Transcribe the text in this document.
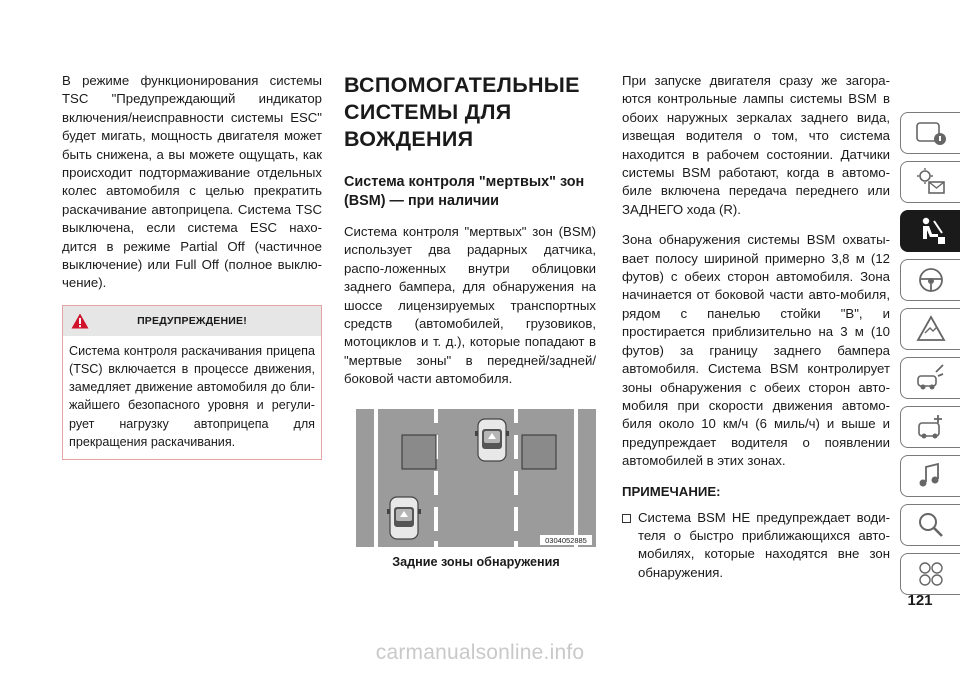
В режиме функционирования системы TSC "Предупреждающий индикатор включения/неисправности системы ESC" будет мигать, мощность двигателя может быть снижена, а вы можете ощущать, как происходит подтормаживание отдельных колес автомобиля с целью прекратить раскачивание автоприцепа. Система TSC выключена, если система ESC нахо-дится в режиме Partial Off (частичное выключение) или Full Off (полное выклю-чение).

ПРЕДУПРЕЖДЕНИЕ!
Система контроля раскачивания прицепа (TSC) включается в процессе движения, замедляет движение автомобиля до бли-жайшего безопасного уровня и регули-рует нагрузку автоприцепа для прекращения раскачивания.
ВСПОМОГАТЕЛЬНЫЕ СИСТЕМЫ ДЛЯ ВОЖДЕНИЯ
Система контроля "мертвых" зон (BSM) — при наличии

Система контроля "мертвых" зон (BSM) использует два радарных датчика, распо-ложенных внутри облицовки заднего бампера, для обнаружения на шоссе лицензируемых транспортных средств (автомобилей, грузовиков, мотоциклов и т. д.), которые попадают в "мертвые зоны" в передней/задней/боковой части автомобиля.

0304052885
Задние зоны обнаружения

При запуске двигателя сразу же загора-ются контрольные лампы системы BSM в обоих наружных зеркалах заднего вида, извещая водителя о том, что система находится в рабочем состоянии. Датчики системы BSM работают, когда в автомо-биле включена передача переднего или ЗАДНЕГО хода (R).

Зона обнаружения системы BSM охваты-вает полосу шириной примерно 3,8 м (12 футов) с обеих сторон автомобиля. Зона начинается от боковой части авто-мобиля, рядом с панелью стойки "B", и простирается приблизительно на 3 м (10 футов) за границу заднего бампера автомобиля. Система BSM контролирует зоны обнаружения с обеих сторон авто-мобиля при скорости движения автомо-биля около 10 км/ч (6 миль/ч) и выше и предупреждает водителя о появлении автомобилей в этих зонах.

ПРИМЕЧАНИЕ:

Система BSM НЕ предупреждает води-теля о быстро приближающихся авто-мобилях, которые находятся вне зон обнаружения.

121
carmanualsonline.info
